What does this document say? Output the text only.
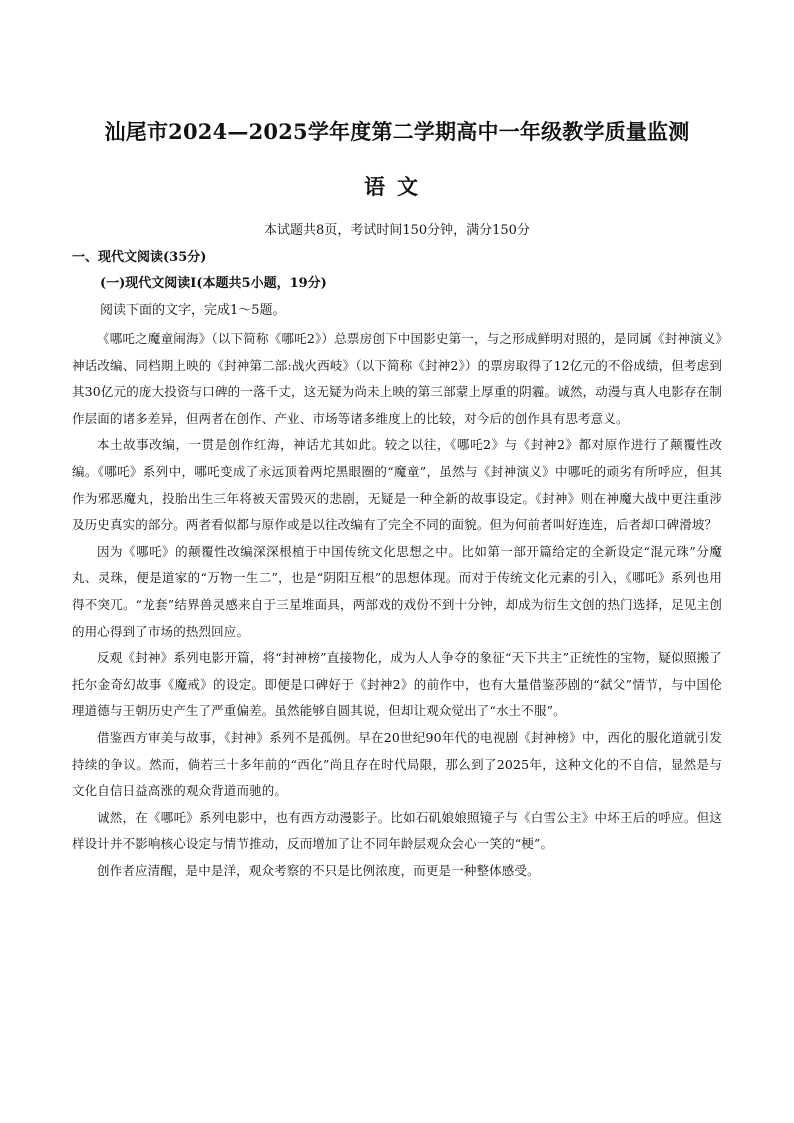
汕尾市2024—2025学年度第二学期高中一年级教学质量监测
语文
本试题共8页，考试时间150分钟，满分150分
一、现代文阅读(35分)
(一)现代文阅读Ⅰ(本题共5小题，19分)
阅读下面的文字，完成1～5题。

《哪吒之魔童闹海》（以下简称《哪吒2》）总票房创下中国影史第一，与之形成鲜明对照的，是同属《封神演义》神话改编、同档期上映的《封神第二部:战火西岐》（以下简称《封神2》）的票房取得了12亿元的不俗成绩，但考虑到其30亿元的庞大投资与口碑的一落千丈，这无疑为尚未上映的第三部蒙上厚重的阴霾。诚然，动漫与真人电影存在制作层面的诸多差异，但两者在创作、产业、市场等诸多维度上的比较，对今后的创作具有思考意义。

本土故事改编，一贯是创作红海，神话尤其如此。较之以往，《哪吒2》与《封神2》都对原作进行了颠覆性改编。《哪吒》系列中，哪吒变成了永远顶着两坨黑眼圈的“魔童”，虽然与《封神演义》中哪吒的顽劣有所呼应，但其作为邪恶魔丸，投胎出生三年将被天雷毁灭的悲剧，无疑是一种全新的故事设定。《封神》则在神魔大战中更注重涉及历史真实的部分。两者看似都与原作或是以往改编有了完全不同的面貌。但为何前者叫好连连，后者却口碑滑坡？

因为《哪吒》的颠覆性改编深深根植于中国传统文化思想之中。比如第一部开篇给定的全新设定“混元珠”分魔丸、灵珠，便是道家的“万物一生二”，也是“阴阳互根”的思想体现。而对于传统文化元素的引入，《哪吒》系列也用得不突兀。“龙套”结界兽灵感来自于三星堆面具，两部戏的戏份不到十分钟，却成为衍生文创的热门选择，足见主创的用心得到了市场的热烈回应。

反观《封神》系列电影开篇，将“封神榜”直接物化，成为人人争夺的象征“天下共主”正统性的宝物，疑似照搬了托尔金奇幻故事《魔戒》的设定。即便是口碑好于《封神2》的前作中，也有大量借鉴莎剧的“弑父”情节，与中国伦理道德与王朝历史产生了严重偏差。虽然能够自圆其说，但却让观众觉出了“水土不服”。

借鉴西方审美与故事，《封神》系列不是孤例。早在20世纪90年代的电视剧《封神榜》中，西化的服化道就引发持续的争议。然而，倘若三十多年前的“西化”尚且存在时代局限，那么到了2025年，这种文化的不自信，显然是与文化自信日益高涨的观众背道而驰的。

诚然，在《哪吒》系列电影中，也有西方动漫影子。比如石矶娘娘照镜子与《白雪公主》中坏王后的呼应。但这样设计并不影响核心设定与情节推动，反而增加了让不同年龄层观众会心一笑的“梗”。

创作者应清醒，是中是洋，观众考察的不只是比例浓度，而更是一种整体感受。
